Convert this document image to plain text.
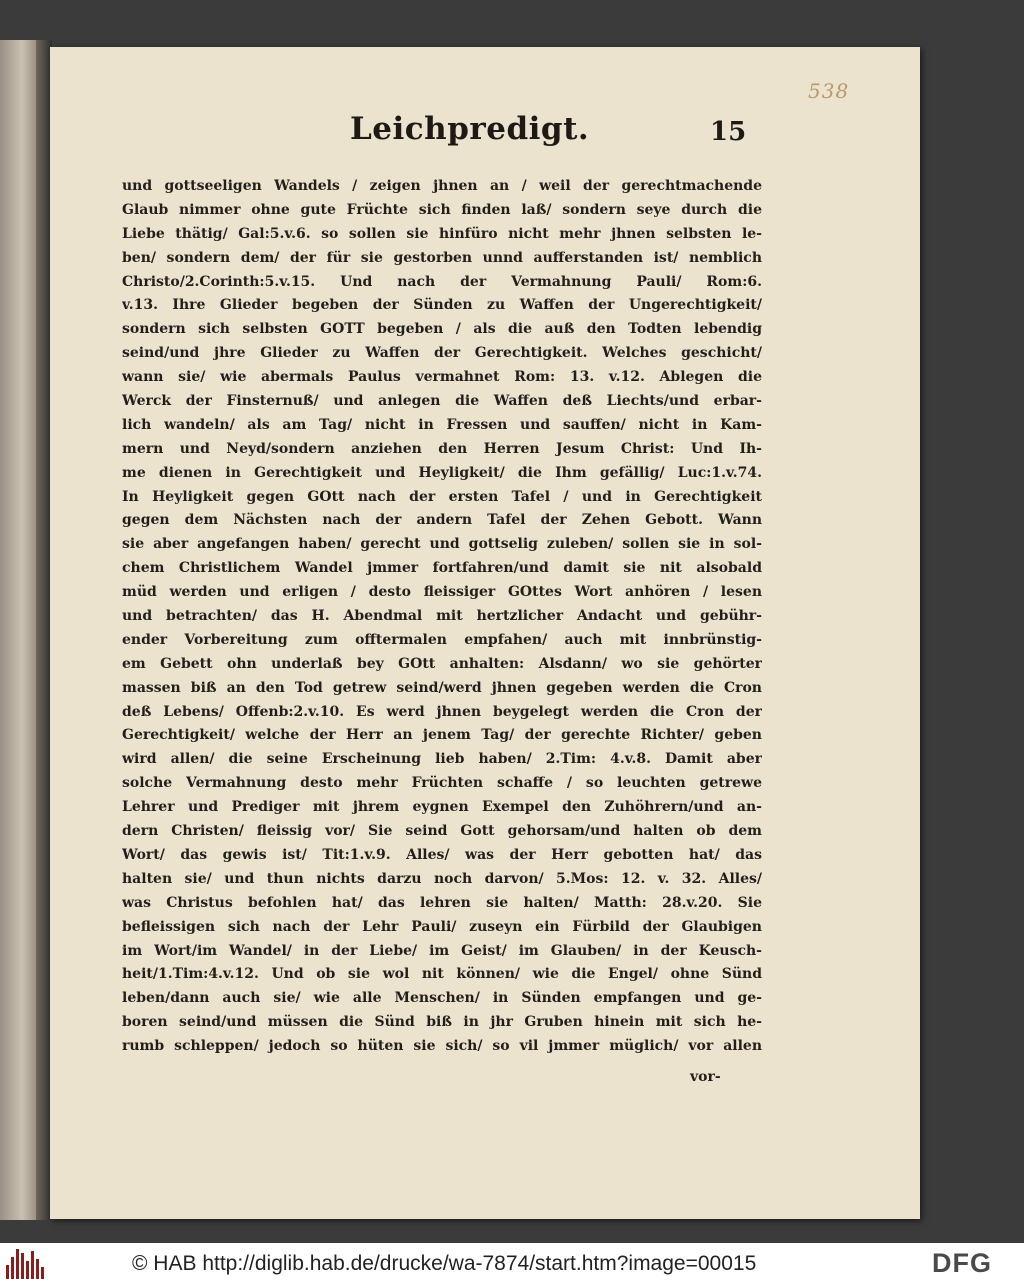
538
Leichpredigt.	15
und gottseeligen Wandels / zeigen jhnen an / weil der gerechtmachende
Glaub nimmer ohne gute Früchte sich finden laß/ sondern seye durch die
Liebe thätig/ Gal:5.v.6. so sollen sie hinfüro nicht mehr jhnen selbsten le-
ben/ sondern dem/ der für sie gestorben unnd aufferstanden ist/ nemblich
Christo/2.Corinth:5.v.15. Und nach der Vermahnung Pauli/ Rom:6.
v.13. Ihre Glieder begeben der Sünden zu Waffen der Ungerechtigkeit/
sondern sich selbsten GOTT begeben / als die auß den Todten lebendig
seind/und jhre Glieder zu Waffen der Gerechtigkeit. Welches geschicht/
wann sie/ wie abermals Paulus vermahnet Rom: 13. v.12. Ablegen die
Werck der Finsternuß/ und anlegen die Waffen deß Liechts/und erbar-
lich wandeln/ als am Tag/ nicht in Fressen und sauffen/ nicht in Kam-
mern und Neyd/sondern anziehen den Herren Jesum Christ: Und Ih-
me dienen in Gerechtigkeit und Heyligkeit/ die Ihm gefällig/ Luc:1.v.74.
In Heyligkeit gegen GOtt nach der ersten Tafel / und in Gerechtigkeit
gegen dem Nächsten nach der andern Tafel der Zehen Gebott. Wann
sie aber angefangen haben/ gerecht und gottselig zuleben/ sollen sie in sol-
chem Christlichem Wandel jmmer fortfahren/und damit sie nit alsobald
müd werden und erligen / desto fleissiger GOttes Wort anhören / lesen
und betrachten/ das H. Abendmal mit hertzlicher Andacht und gebühr-
ender Vorbereitung zum offtermalen empfahen/ auch mit innbrünstig-
em Gebett ohn underlaß bey GOtt anhalten: Alsdann/ wo sie gehörter
massen biß an den Tod getrew seind/werd jhnen gegeben werden die Cron
deß Lebens/ Offenb:2.v.10. Es werd jhnen beygelegt werden die Cron der
Gerechtigkeit/ welche der Herr an jenem Tag/ der gerechte Richter/ geben
wird allen/ die seine Erscheinung lieb haben/ 2.Tim: 4.v.8. Damit aber
solche Vermahnung desto mehr Früchten schaffe / so leuchten getrewe
Lehrer und Prediger mit jhrem eygnen Exempel den Zuhöhrern/und an-
dern Christen/ fleissig vor/ Sie seind Gott gehorsam/und halten ob dem
Wort/ das gewis ist/ Tit:1.v.9. Alles/ was der Herr gebotten hat/ das
halten sie/ und thun nichts darzu noch darvon/ 5.Mos: 12. v. 32. Alles/
was Christus befohlen hat/ das lehren sie halten/ Matth: 28.v.20. Sie
befleissigen sich nach der Lehr Pauli/ zuseyn ein Fürbild der Glaubigen
im Wort/im Wandel/ in der Liebe/ im Geist/ im Glauben/ in der Keusch-
heit/1.Tim:4.v.12. Und ob sie wol nit können/ wie die Engel/ ohne Sünd
leben/dann auch sie/ wie alle Menschen/ in Sünden empfangen und ge-
boren seind/und müssen die Sünd biß in jhr Gruben hinein mit sich he-
rumb schleppen/ jedoch so hüten sie sich/ so vil jmmer müglich/ vor allen
vor-
© HAB http://diglib.hab.de/drucke/wa-7874/start.htm?image=00015	DFG
